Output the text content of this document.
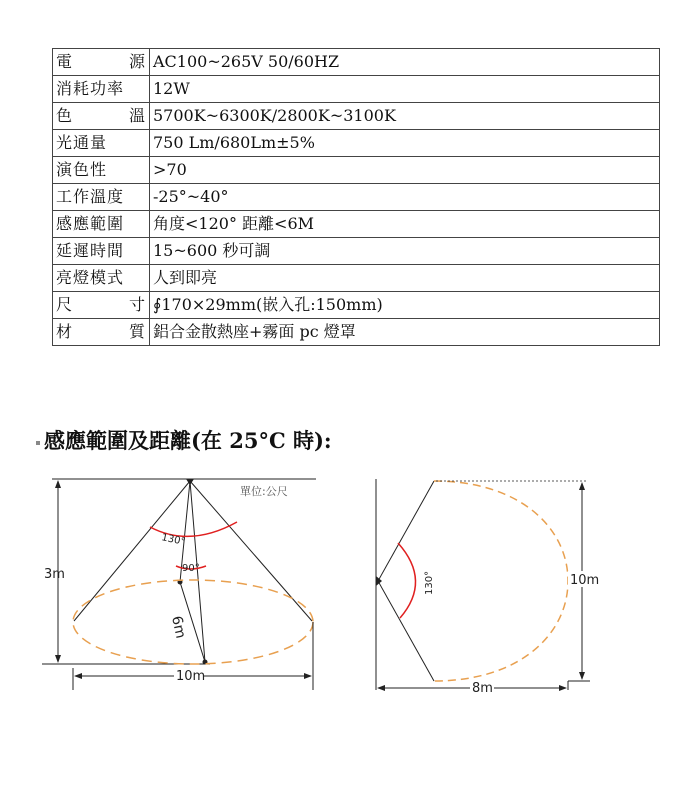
電 源	AC100~265V 50/60HZ
消耗功率	12W
色 溫	5700K~6300K/2800K~3100K
光通量	750 Lm/680Lm±5%
演色性	>70
工作溫度	-25°~40°
感應範圍	角度<120° 距離<6M
延遲時間	15~600 秒可調
亮燈模式	人到即亮
尺 寸	∮170×29mm(嵌入孔:150mm)
材 質	鋁合金散熱座+霧面 pc 燈罩
感應範圍及距離(在 25°C 時):
3m
130°
90°
6m
10m
單位:公尺
130°	10m
8m
